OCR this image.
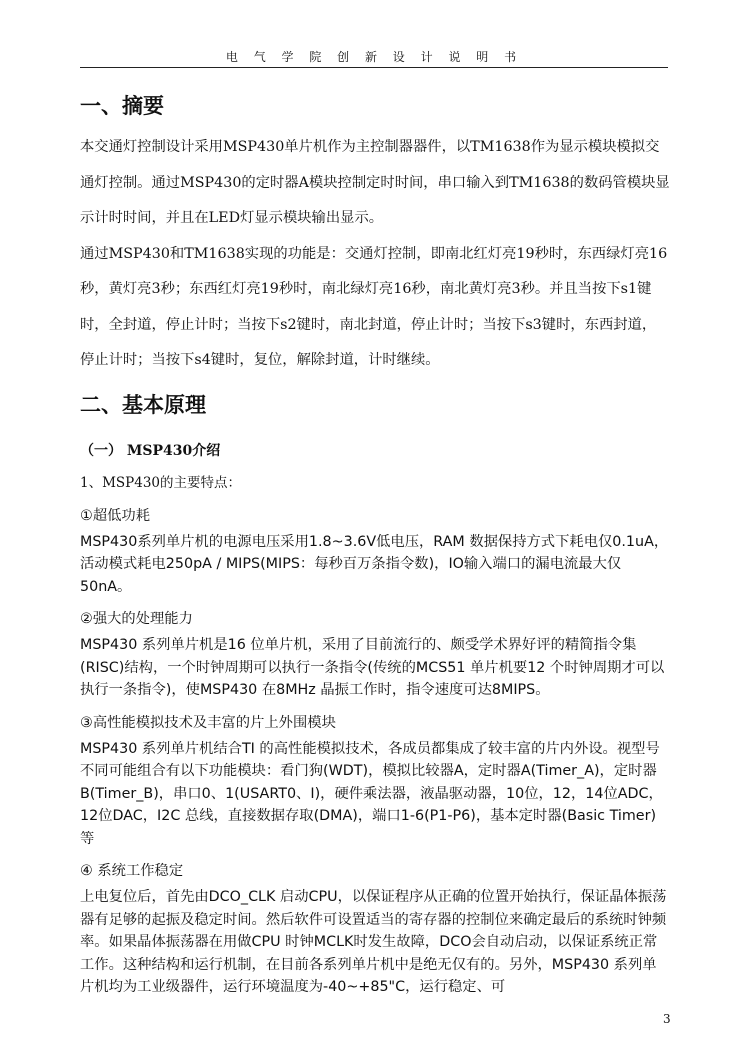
电 气 学 院 创 新 设 计 说 明 书
一、摘要

本交通灯控制设计采用MSP430单片机作为主控制器器件，以TM1638作为显示模块模拟交通灯控制。通过MSP430的定时器A模块控制定时时间，串口输入到TM1638的数码管模块显示计时时间，并且在LED灯显示模块输出显示。

通过MSP430和TM1638实现的功能是：交通灯控制，即南北红灯亮19秒时，东西绿灯亮16秒，黄灯亮3秒；东西红灯亮19秒时，南北绿灯亮16秒，南北黄灯亮3秒。并且当按下s1键时，全封道，停止计时；当按下s2键时，南北封道，停止计时；当按下s3键时，东西封道，停止计时；当按下s4键时，复位，解除封道，计时继续。

二、基本原理

（一） MSP430介绍

1、MSP430的主要特点：

①超低功耗

MSP430系列单片机的电源电压采用1.8~3.6V低电压，RAM 数据保持方式下耗电仅0.1uA，活动模式耗电250pA / MIPS(MIPS：每秒百万条指令数)，IO输入端口的漏电流最大仅50nA。

②强大的处理能力

MSP430 系列单片机是16 位单片机，采用了目前流行的、颇受学术界好评的精简指令集(RISC)结构，一个时钟周期可以执行一条指令(传统的MCS51 单片机要12 个时钟周期才可以执行一条指令)，使MSP430 在8MHz 晶振工作时，指令速度可达8MIPS。

③高性能模拟技术及丰富的片上外围模块

MSP430 系列单片机结合TI 的高性能模拟技术，各成员都集成了较丰富的片内外设。视型号不同可能组合有以下功能模块：看门狗(WDT)，模拟比较器A，定时器A(Timer_A)，定时器B(Timer_B)，串口0、1(USART0、I)，硬件乘法器，液晶驱动器，10位，12，14位ADC，12位DAC，I2C 总线，直接数据存取(DMA)，端口1-6(P1-P6)，基本定时器(Basic Timer)等

④ 系统工作稳定

上电复位后，首先由DCO_CLK 启动CPU，以保证程序从正确的位置开始执行，保证晶体振荡器有足够的起振及稳定时间。然后软件可设置适当的寄存器的控制位来确定最后的系统时钟频率。如果晶体振荡器在用做CPU 时钟MCLK时发生故障，DCO会自动启动，以保证系统正常工作。这种结构和运行机制，在目前各系列单片机中是绝无仅有的。另外，MSP430 系列单片机均为工业级器件，运行环境温度为-40~+85"C，运行稳定、可

3
